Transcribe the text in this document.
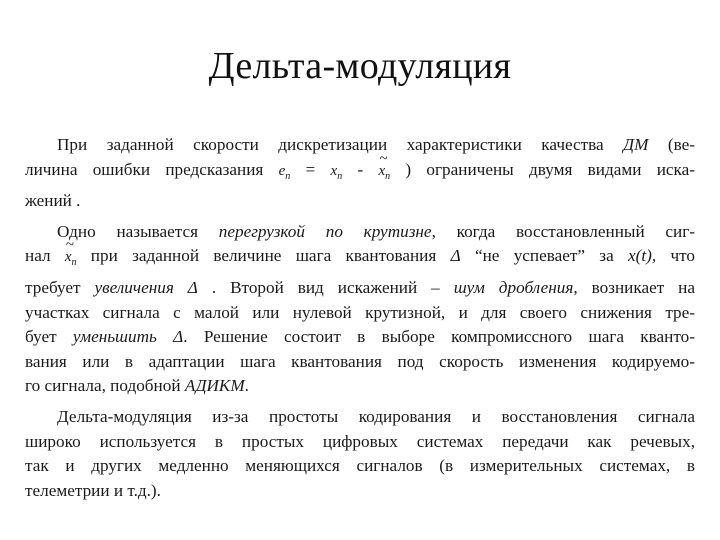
Дельта-модуляция
При заданной скорости дискретизации характеристики качества ДМ (ве-
личина ошибки предсказания $e_n = x_n$ - ~ $x_n$ ) ограничены двумя видами иска-
жений .
Одно называется перегрузкой по крутизне, когда восстановленный сиг-
нал ~ $x_n$ при заданной величине шага квантования Δ “не успевает” за x(t), что
требует увеличения Δ . Второй вид искажений – шум дробления, возникает на
участках сигнала с малой или нулевой крутизной, и для своего снижения тре-
бует уменьшить Δ. Решение состоит в выборе компромиссного шага кванто-
вания или в адаптации шага квантования под скорость изменения кодируемо-
го сигнала, подобной АДИКМ.
Дельта-модуляция из-за простоты кодирования и восстановления сигнала
широко используется в простых цифровых системах передачи как речевых,
так и других медленно меняющихся сигналов (в измерительных системах, в
телеметрии и т.д.).
